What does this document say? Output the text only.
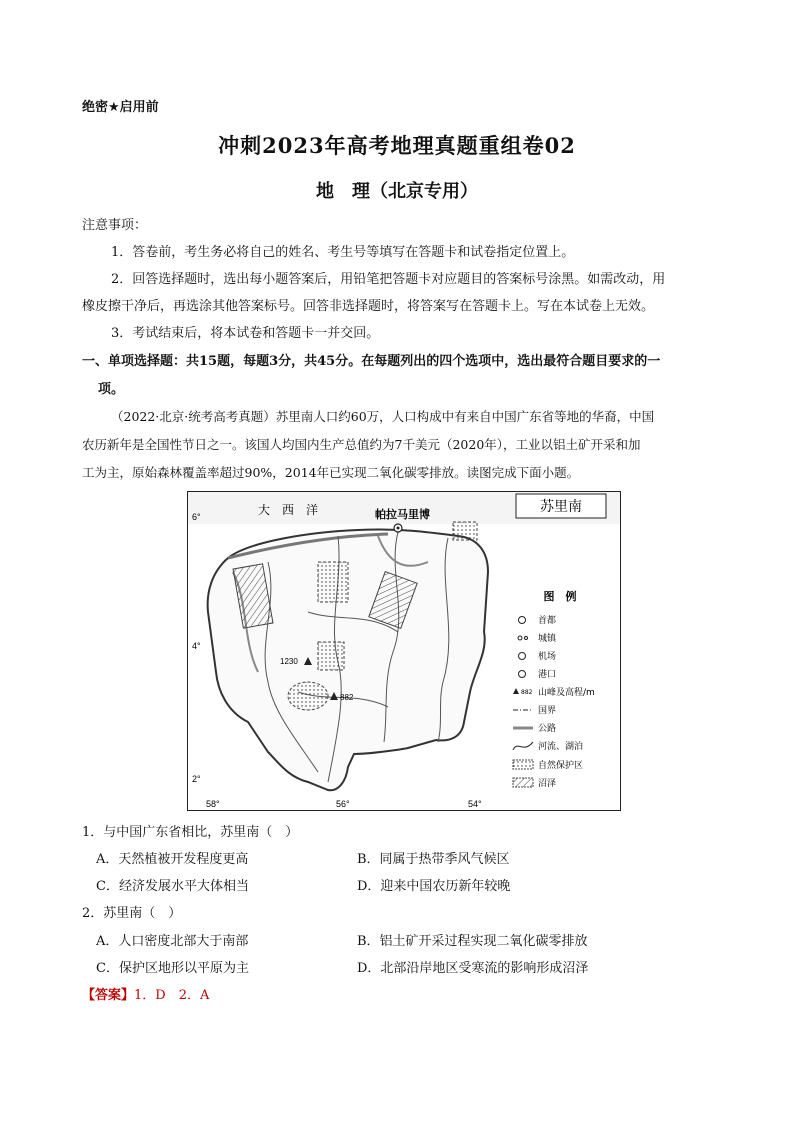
绝密★启用前
冲刺2023年高考地理真题重组卷02
地　理（北京专用）
注意事项：
1．答卷前，考生务必将自己的姓名、考生号等填写在答题卡和试卷指定位置上。
2．回答选择题时，选出每小题答案后，用铅笔把答题卡对应题目的答案标号涂黑。如需改动，用
橡皮擦干净后，再选涂其他答案标号。回答非选择题时，将答案写在答题卡上。写在本试卷上无效。
3．考试结束后，将本试卷和答题卡一并交回。
一、单项选择题：共15题，每题3分，共45分。在每题列出的四个选项中，选出最符合题目要求的一
项。
（2022·北京·统考高考真题）苏里南人口约60万，人口构成中有来自中国广东省等地的华裔，中国
农历新年是全国性节日之一。该国人均国内生产总值约为7千美元（2020年），工业以铝土矿开采和加
工为主，原始森林覆盖率超过90%，2014年已实现二氧化碳零排放。读图完成下面小题。
苏里南
大　西　洋	帕拉马里博
1230
882
6°
4°
2°
58°	56°	54°
图　例
首都
城镇
机场
港口
882 山峰及高程/m
国界
公路
河流、湖泊
自然保护区
沼泽
1．与中国广东省相比，苏里南（　）
A．天然植被开发程度更高	B．同属于热带季风气候区
C．经济发展水平大体相当	D．迎来中国农历新年较晚
2．苏里南（　）
A．人口密度北部大于南部	B．铝土矿开采过程实现二氧化碳零排放
C．保护区地形以平原为主	D．北部沿岸地区受寒流的影响形成沼泽
【答案】1．D　2．A
